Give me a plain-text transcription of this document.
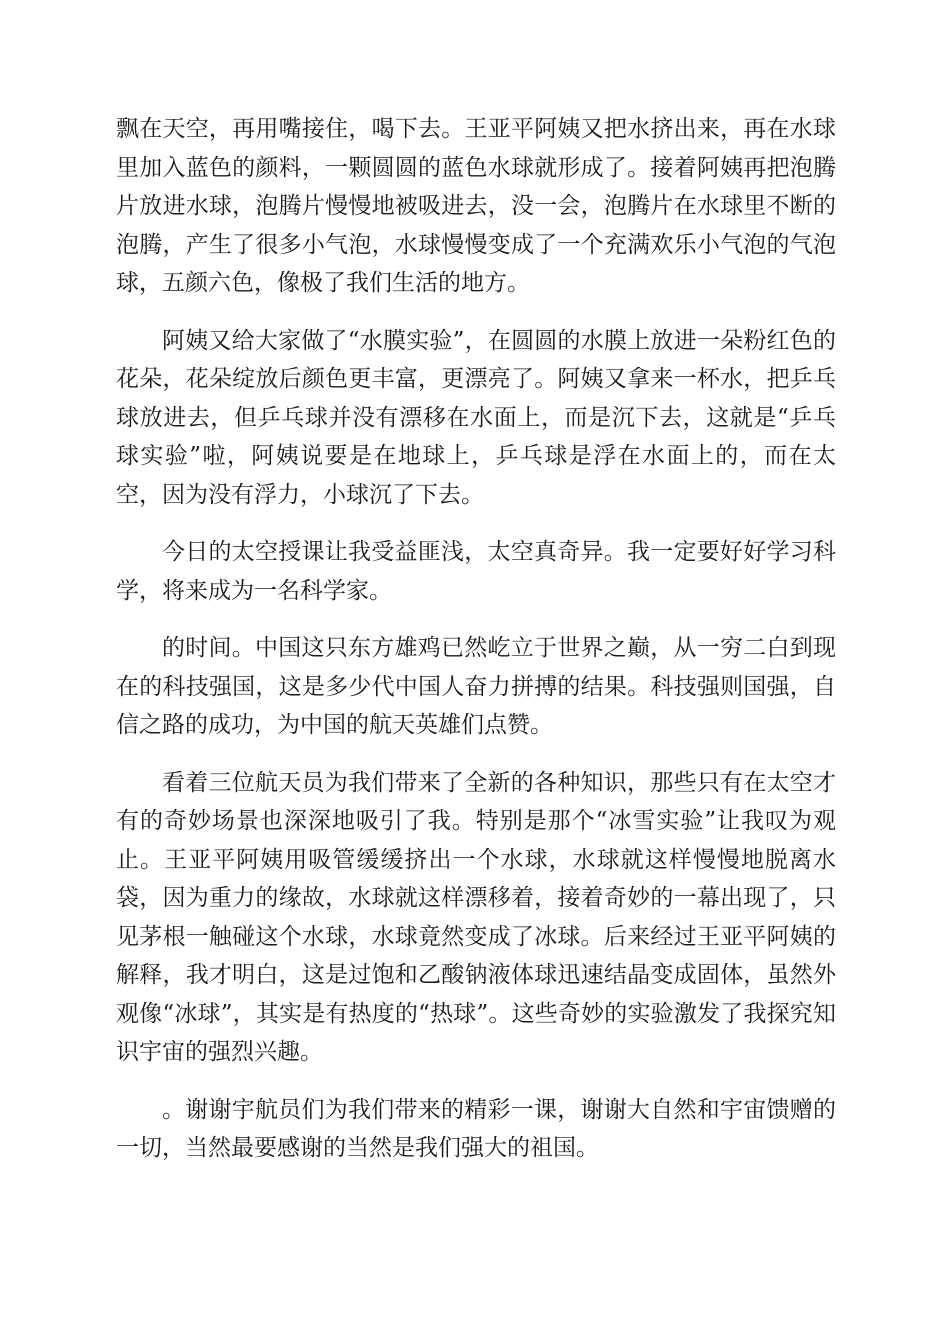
飘在天空，再用嘴接住，喝下去。王亚平阿姨又把水挤出来，再在水球里加入蓝色的颜料，一颗圆圆的蓝色水球就形成了。接着阿姨再把泡腾片放进水球，泡腾片慢慢地被吸进去，没一会，泡腾片在水球里不断的泡腾，产生了很多小气泡，水球慢慢变成了一个充满欢乐小气泡的气泡球，五颜六色，像极了我们生活的地方。

阿姨又给大家做了“水膜实验”，在圆圆的水膜上放进一朵粉红色的花朵，花朵绽放后颜色更丰富，更漂亮了。阿姨又拿来一杯水，把乒乓球放进去，但乒乓球并没有漂移在水面上，而是沉下去，这就是“乒乓球实验”啦，阿姨说要是在地球上，乒乓球是浮在水面上的，而在太空，因为没有浮力，小球沉了下去。

今日的太空授课让我受益匪浅，太空真奇异。我一定要好好学习科学，将来成为一名科学家。

的时间。中国这只东方雄鸡已然屹立于世界之巅，从一穷二白到现在的科技强国，这是多少代中国人奋力拼搏的结果。科技强则国强，自信之路的成功，为中国的航天英雄们点赞。

看着三位航天员为我们带来了全新的各种知识，那些只有在太空才有的奇妙场景也深深地吸引了我。特别是那个“冰雪实验”让我叹为观止。王亚平阿姨用吸管缓缓挤出一个水球，水球就这样慢慢地脱离水袋，因为重力的缘故，水球就这样漂移着，接着奇妙的一幕出现了，只见茅根一触碰这个水球，水球竟然变成了冰球。后来经过王亚平阿姨的解释，我才明白，这是过饱和乙酸钠液体球迅速结晶变成固体，虽然外观像“冰球”，其实是有热度的“热球”。这些奇妙的实验激发了我探究知识宇宙的强烈兴趣。

。谢谢宇航员们为我们带来的精彩一课，谢谢大自然和宇宙馈赠的一切，当然最要感谢的当然是我们强大的祖国。
